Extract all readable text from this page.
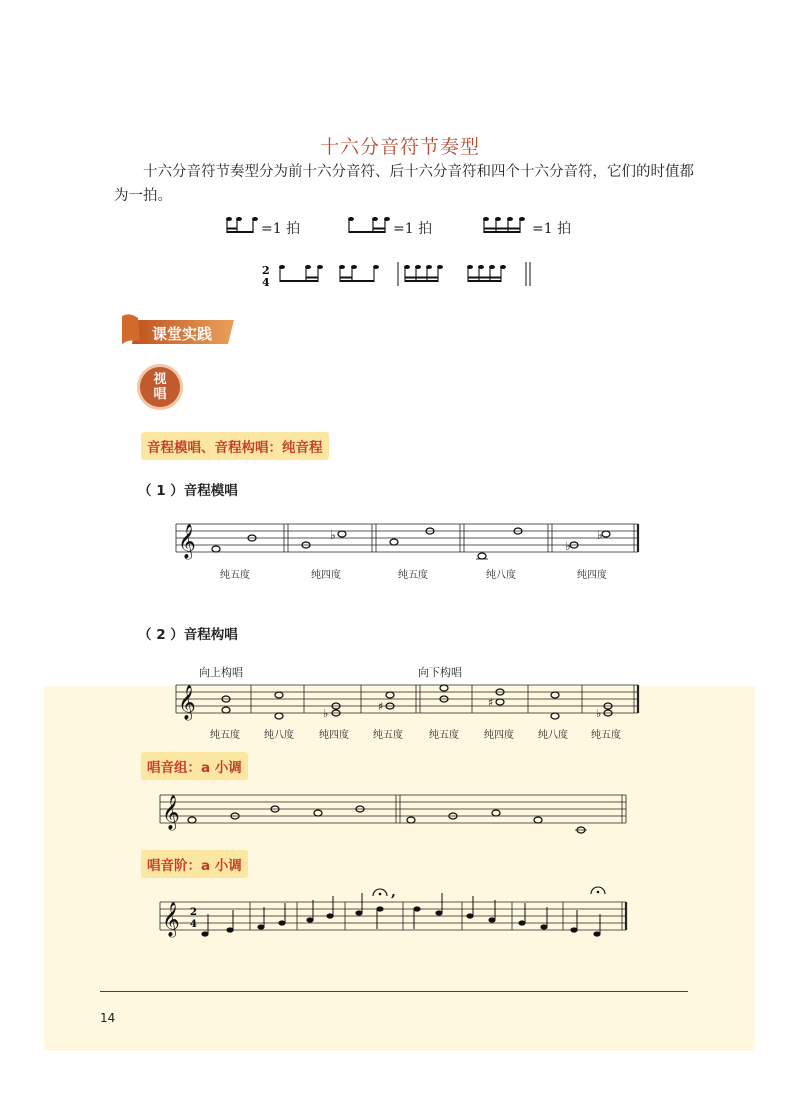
十六分音符节奏型
十六分音符节奏型分为前十六分音符、后十六分音符和四个十六分音符，它们的时值都为一拍。
=1 拍	=1 拍	=1 拍
2
4
课堂实践
视唱
音程模唱、音程构唱：纯音程
（ 1 ）音程模唱
𝄞	♭
♭
♭
纯五度	纯四度	纯五度	纯八度	纯四度
（ 2 ）音程构唱
向上构唱	向下构唱
𝄞	♭
♯	♯
♭
纯五度	纯八度	纯四度	纯五度	纯五度	纯四度	纯八度	纯五度
唱音组：a 小调
𝄞
唱音阶：a 小调
𝄞 2
4
,
14
